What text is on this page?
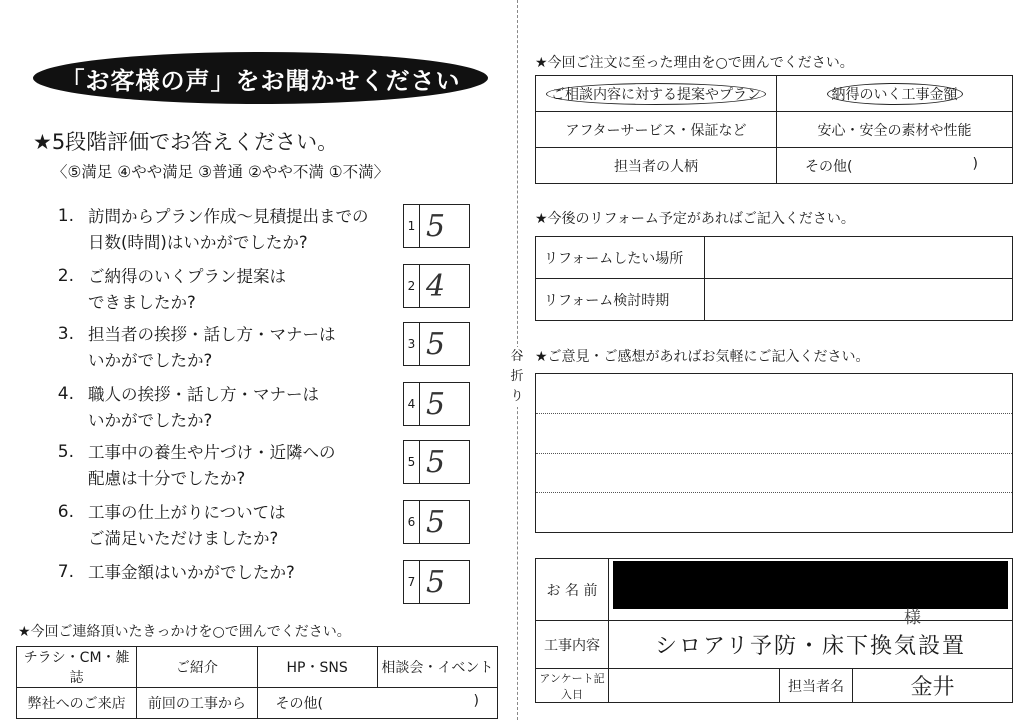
「お客様の声」をお聞かせください
★5段階評価でお答えください。
〈⑤満足 ④やや満足 ③普通 ②やや不満 ①不満〉
1. 訪問からプラン作成～見積提出までの
日数(時間)はいかがでしたか?
1 5
2. ご納得のいくプラン提案は
できましたか?
2 4
3. 担当者の挨拶・話し方・マナーは
いかがでしたか?
3 5
4. 職人の挨拶・話し方・マナーは
いかがでしたか?
4 5
5. 工事中の養生や片づけ・近隣への
配慮は十分でしたか?
5 5
6. 工事の仕上がりについては
ご満足いただけましたか?
6 5
7. 工事金額はいかがでしたか?	7 5
★今回ご連絡頂いたきっかけを○で囲んでください。
チラシ・CM・雑誌	ご紹介	HP・SNS	相談会・イベント
弊社へのご来店	前回の工事から	その他( )	
谷折り
★今回ご注文に至った理由を○で囲んでください。
ご相談内容に対する提案やプラン	納得のいく工事金額
アフターサービス・保証など	安心・安全の素材や性能
担当者の人柄	その他( )
★今後のリフォーム予定があればご記入ください。
リフォームしたい場所	
リフォーム検討時期	
★ご意見・ご感想があればお気軽にご記入ください。
お 名 前	様		

工事内容	シロアリ予防・床下換気設置		
アンケート記入日		担当者名	金井
